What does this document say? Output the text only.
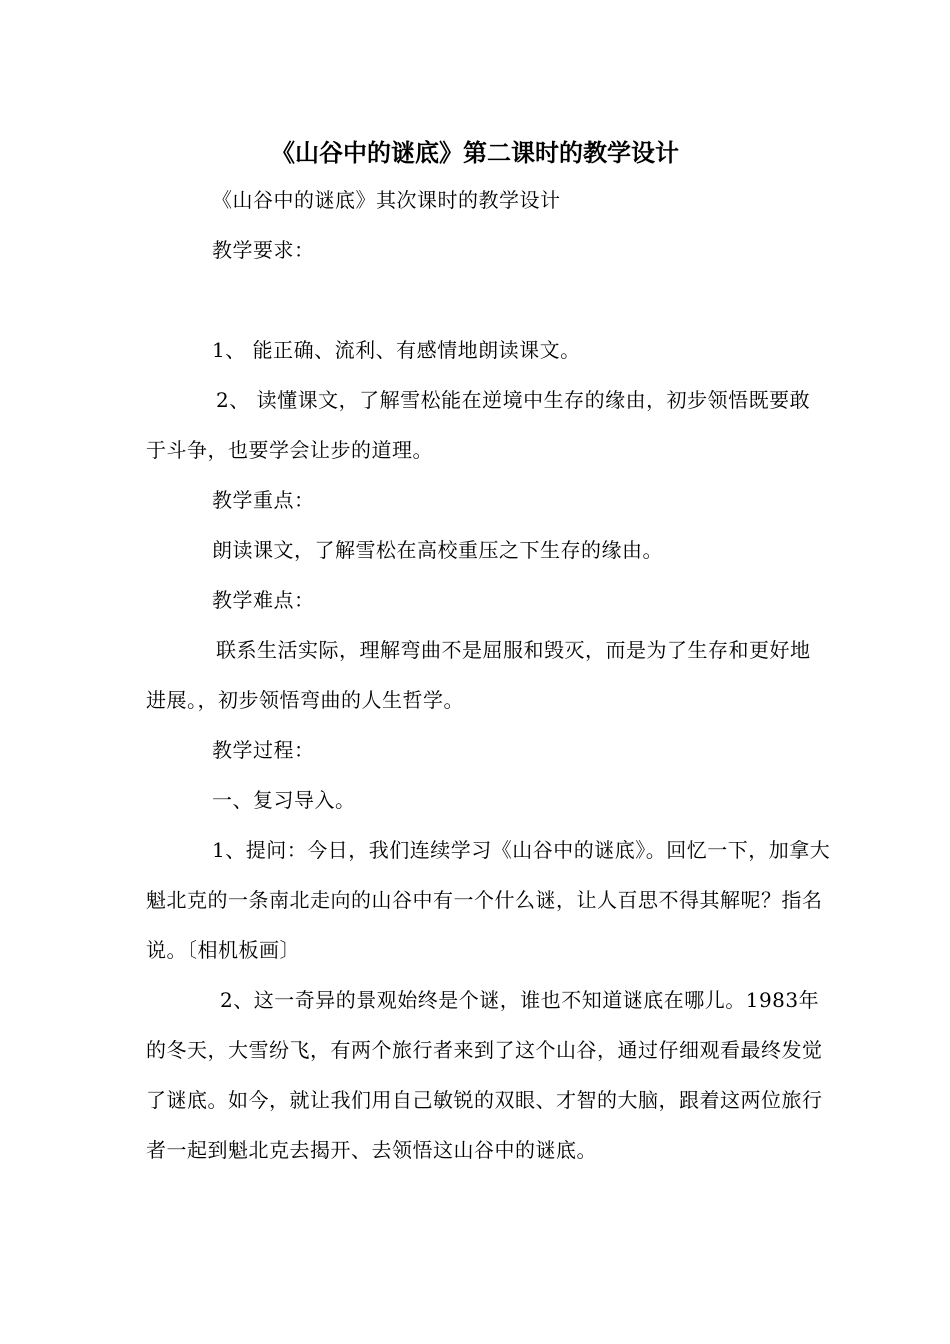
《山谷中的谜底》第二课时的教学设计
《山谷中的谜底》其次课时的教学设计
教学要求：
1、 能正确、流利、有感情地朗读课文。
2、 读懂课文，了解雪松能在逆境中生存的缘由，初步领悟既要敢于斗争，也要学会让步的道理。
教学重点：
朗读课文，了解雪松在高校重压之下生存的缘由。
教学难点：
联系生活实际，理解弯曲不是屈服和毁灭，而是为了生存和更好地进展。，初步领悟弯曲的人生哲学。
教学过程：
一、复习导入。
1、提问：今日，我们连续学习《山谷中的谜底》。回忆一下，加拿大魁北克的一条南北走向的山谷中有一个什么谜，让人百思不得其解呢？指名说。〔相机板画〕
2、这一奇异的景观始终是个谜，谁也不知道谜底在哪儿。1983年的冬天，大雪纷飞，有两个旅行者来到了这个山谷，通过仔细观看最终发觉了谜底。如今，就让我们用自己敏锐的双眼、才智的大脑，跟着这两位旅行者一起到魁北克去揭开、去领悟这山谷中的谜底。
